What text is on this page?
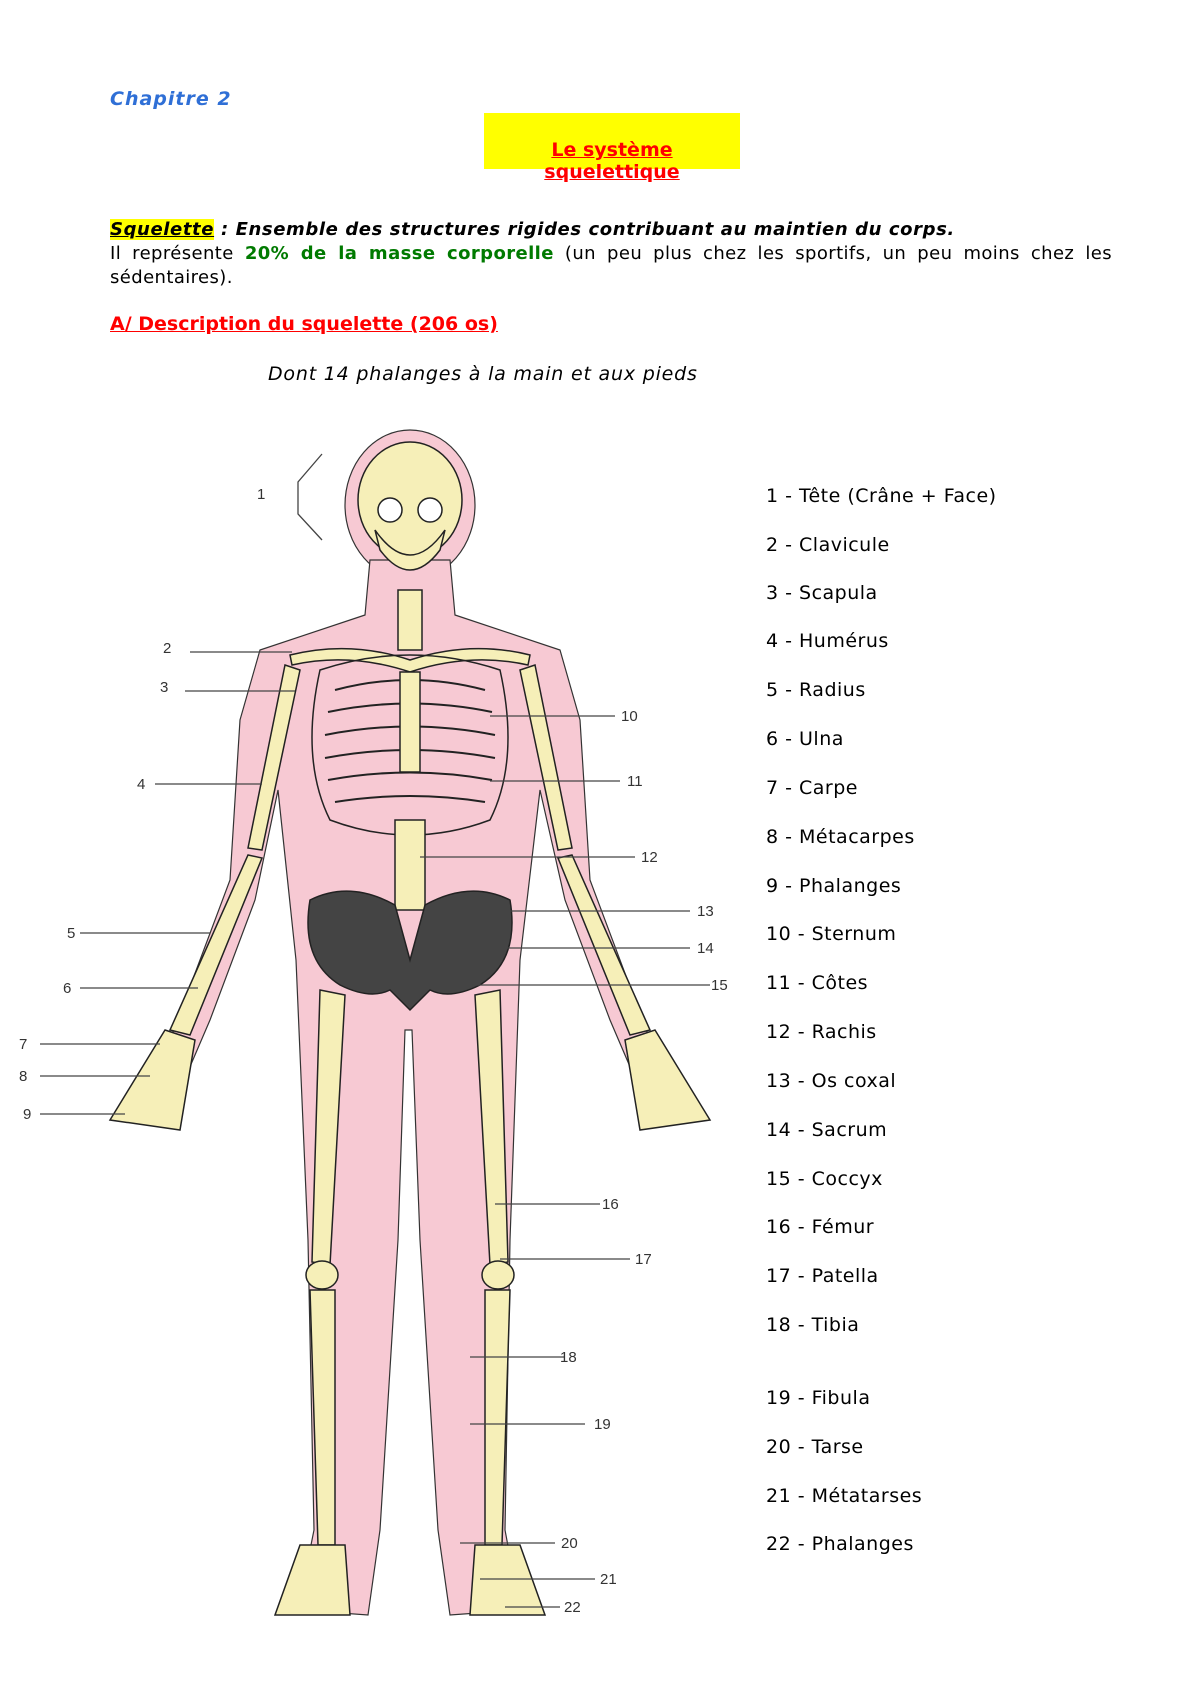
Chapitre 2
Le système squelettique
Squelette : Ensemble des structures rigides contribuant au maintien du corps.
Il représente 20% de la masse corporelle (un peu plus chez les sportifs, un peu moins chez les sédentaires).
A/ Description du squelette (206 os)
Dont 14 phalanges à la main et aux pieds
1
2
3
4
5
6
7
8
9
10
11
12
13
14
15
16
17
18
19
20
21
22
1 - Tête (Crâne + Face)
2 - Clavicule
3 - Scapula
4 - Humérus
5 - Radius
6 - Ulna
7 - Carpe
8 - Métacarpes
9 - Phalanges
10 - Sternum
11 - Côtes
12 - Rachis
13 - Os coxal
14 - Sacrum
15 - Coccyx
16 - Fémur
17 - Patella
18 - Tibia
19 - Fibula
20 - Tarse
21 - Métatarses
22 - Phalanges
